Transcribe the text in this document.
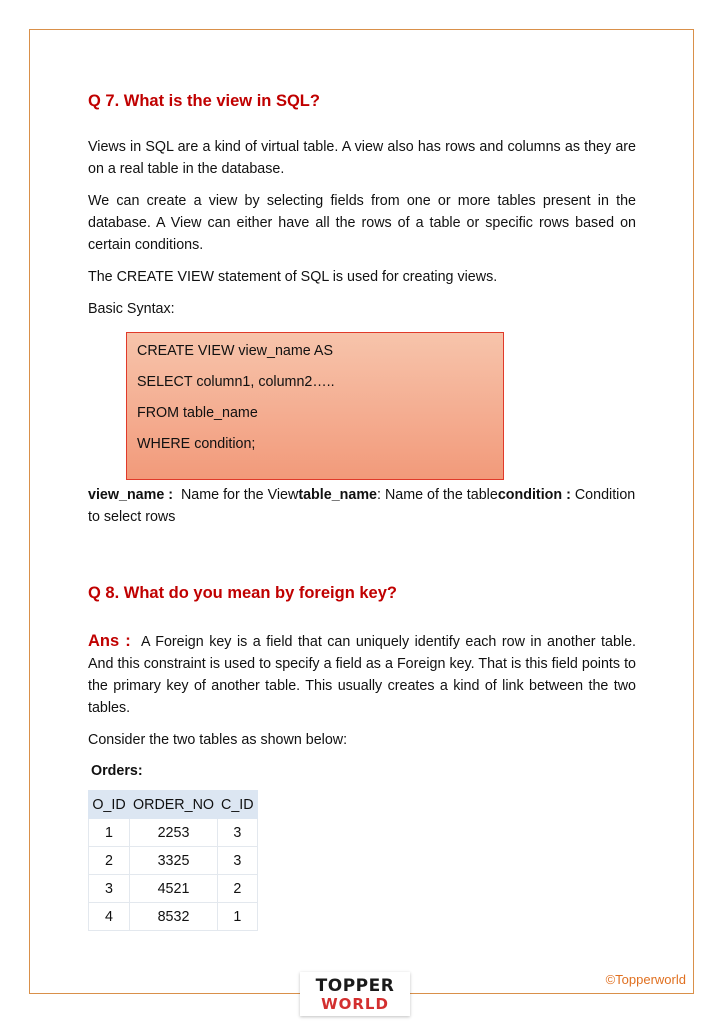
Q 7. What is the view in SQL?

Views in SQL are a kind of virtual table. A view also has rows and columns as they are on a real table in the database.

We can create a view by selecting fields from one or more tables present in the database. A View can either have all the rows of a table or specific rows based on certain conditions.

The CREATE VIEW statement of SQL is used for creating views.

Basic Syntax:

CREATE VIEW view_name AS
SELECT column1, column2…..
FROM table_name
WHERE condition;

view_name :  Name for the Viewtable_name: Name of the tablecondition : Condition to select rows

Q 8. What do you mean by foreign key?

Ans :  A Foreign key is a field that can uniquely identify each row in another table. And this constraint is used to specify a field as a Foreign key. That is this field points to the primary key of another table. This usually creates a kind of link between the two tables.

Consider the two tables as shown below:

Orders:

O_ID	ORDER_NO	C_ID
1	2253	3
2	3325	3
3	4521	2
4	8532	1
TOPPER
WORLD
©Topperworld
